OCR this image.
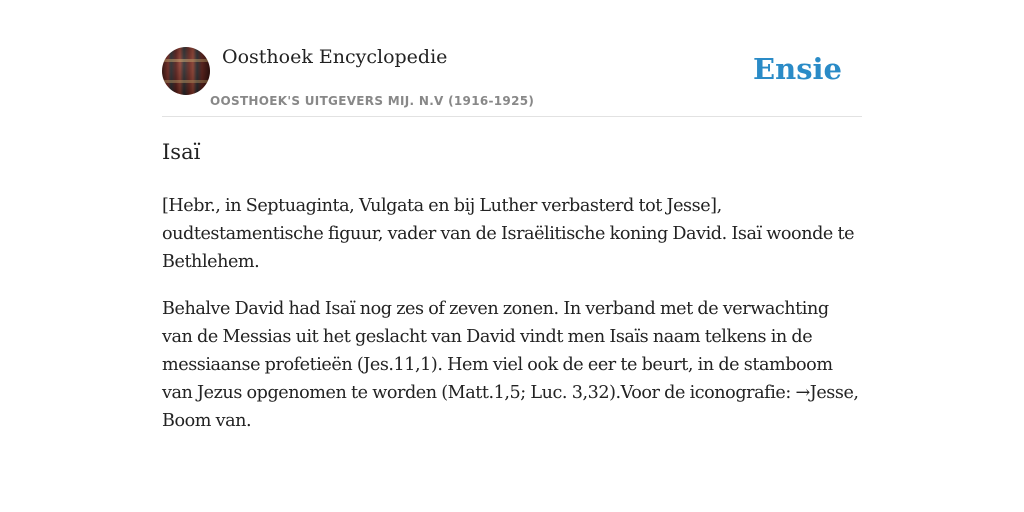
Oosthoek Encyclopedie
OOSTHOEK'S UITGEVERS MIJ. N.V (1916-1925)
Ensie
Isaï

[Hebr., in Septuaginta, Vulgata en bij Luther verbasterd tot Jesse], oudtestamentische figuur, vader van de Israëlitische koning David. Isaï woonde te Bethlehem.

Behalve David had Isaï nog zes of zeven zonen. In verband met de verwachting van de Messias uit het geslacht van David vindt men Isaïs naam telkens in de messiaanse profetieën (Jes.11,1). Hem viel ook de eer te beurt, in de stamboom van Jezus opgenomen te worden (Matt.1,5; Luc. 3,32).Voor de iconografie: →Jesse, Boom van.
